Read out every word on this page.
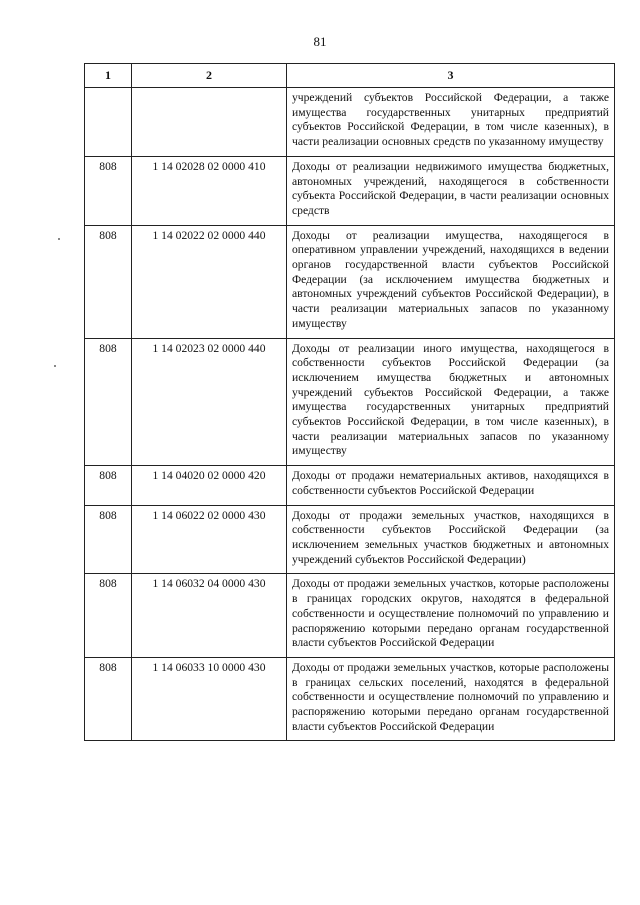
81
1	2	3
		учреждений субъектов Российской Федерации, а также имущества государственных унитарных предприятий субъектов Российской Федерации, в том числе казенных), в части реализации основных средств по указанному имуществу
808	1 14 02028 02 0000 410	Доходы от реализации недвижимого имущества бюджетных, автономных учреждений, находящегося в собственности субъекта Российской Федерации, в части реализации основных средств
808	1 14 02022 02 0000 440	Доходы от реализации имущества, находящегося в оперативном управлении учреждений, находящихся в ведении органов государственной власти субъектов Российской Федерации (за исключением имущества бюджетных и автономных учреждений субъектов Российской Федерации), в части реализации материальных запасов по указанному имуществу
808	1 14 02023 02 0000 440	Доходы от реализации иного имущества, находящегося в собственности субъектов Российской Федерации (за исключением имущества бюджетных и автономных учреждений субъектов Российской Федерации, а также имущества государственных унитарных предприятий субъектов Российской Федерации, в том числе казенных), в части реализации материальных запасов по указанному имуществу
808	1 14 04020 02 0000 420	Доходы от продажи нематериальных активов, находящихся в собственности субъектов Российской Федерации
808	1 14 06022 02 0000 430	Доходы от продажи земельных участков, находящихся в собственности субъектов Российской Федерации (за исключением земельных участков бюджетных и автономных учреждений субъектов Российской Федерации)
808	1 14 06032 04 0000 430	Доходы от продажи земельных участков, которые расположены в границах городских округов, находятся в федеральной собственности и осуществление полномочий по управлению и распоряжению которыми передано органам государственной власти субъектов Российской Федерации
808	1 14 06033 10 0000 430	Доходы от продажи земельных участков, которые расположены в границах сельских поселений, находятся в федеральной собственности и осуществление полномочий по управлению и распоряжению которыми передано органам государственной власти субъектов Российской Федерации
